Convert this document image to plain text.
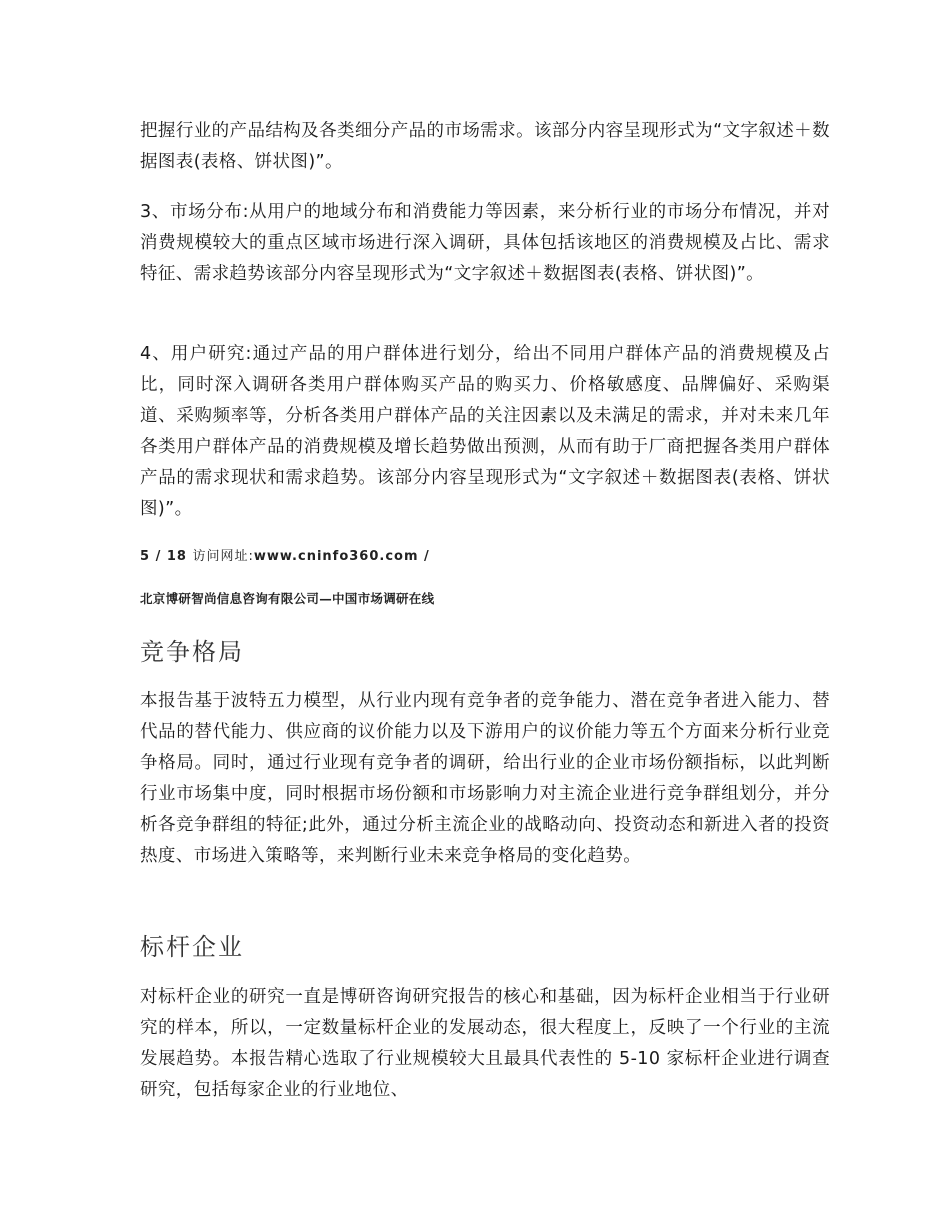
把握行业的产品结构及各类细分产品的市场需求。该部分内容呈现形式为“文字叙述＋数据图表(表格、饼状图)”。

3、市场分布:从用户的地域分布和消费能力等因素，来分析行业的市场分布情况，并对消费规模较大的重点区域市场进行深入调研，具体包括该地区的消费规模及占比、需求特征、需求趋势该部分内容呈现形式为“文字叙述＋数据图表(表格、饼状图)”。

4、用户研究:通过产品的用户群体进行划分，给出不同用户群体产品的消费规模及占比，同时深入调研各类用户群体购买产品的购买力、价格敏感度、品牌偏好、采购渠道、采购频率等，分析各类用户群体产品的关注因素以及未满足的需求，并对未来几年各类用户群体产品的消费规模及增长趋势做出预测，从而有助于厂商把握各类用户群体产品的需求现状和需求趋势。该部分内容呈现形式为“文字叙述＋数据图表(表格、饼状图)”。

5 / 18 访问网址:www.cninfo360.com /
北京博研智尚信息咨询有限公司—中国市场调研在线
竞争格局

本报告基于波特五力模型，从行业内现有竞争者的竞争能力、潜在竞争者进入能力、替代品的替代能力、供应商的议价能力以及下游用户的议价能力等五个方面来分析行业竞争格局。同时，通过行业现有竞争者的调研，给出行业的企业市场份额指标，以此判断行业市场集中度，同时根据市场份额和市场影响力对主流企业进行竞争群组划分，并分析各竞争群组的特征;此外，通过分析主流企业的战略动向、投资动态和新进入者的投资热度、市场进入策略等，来判断行业未来竞争格局的变化趋势。

标杆企业

对标杆企业的研究一直是博研咨询研究报告的核心和基础，因为标杆企业相当于行业研究的样本，所以，一定数量标杆企业的发展动态，很大程度上，反映了一个行业的主流发展趋势。本报告精心选取了行业规模较大且最具代表性的 5-10 家标杆企业进行调查研究，包括每家企业的行业地位、
